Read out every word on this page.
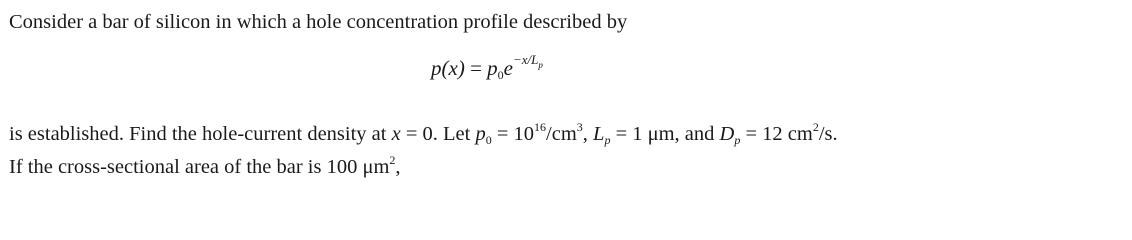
Consider a bar of silicon in which a hole concentration profile described by
$p(x) = p_0e^{-x/L_p}$
is established. Find the hole-current density at x = 0. Let $p_0 = 10^{16}/cm^3$, $L_p = 1$ μm, and $D_p = 12$ $cm^2/s$.
If the cross-sectional area of the bar is 100 $\mu m^2$,
